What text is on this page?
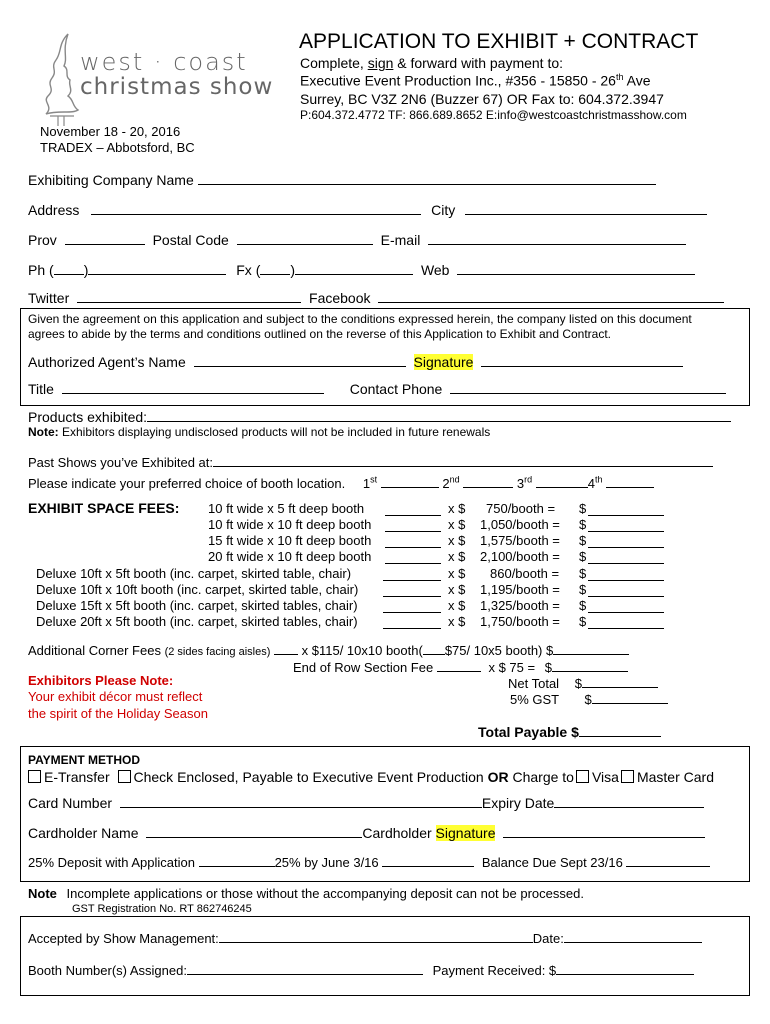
west · coast
christmas show
APPLICATION TO EXHIBIT + CONTRACT
Complete, sign & forward with payment to:
Executive Event Production Inc., #356 - 15850 - 26th Ave
Surrey, BC V3Z 2N6 (Buzzer 67) OR Fax to: 604.372.3947
P:604.372.4772 TF: 866.689.8652 E:info@westcoastchristmasshow.com
November 18 - 20, 2016
TRADEX – Abbotsford, BC
Exhibiting Company Name
Address	City
Prov	Postal Code	E-mail
Ph ( )	Fx ( )	Web
Twitter	Facebook
Given the agreement on this application and subject to the conditions expressed herein, the company listed on this document
agrees to abide by the terms and conditions outlined on the reverse of this Application to Exhibit and Contract.
Authorized Agent’s Name	Signature
Title	Contact Phone
Products exhibited:
Note: Exhibitors displaying undisclosed products will not be included in future renewals
Past Shows you’ve Exhibited at:
Please indicate your preferred choice of booth location. 1st	2nd	3rd	4th
EXHIBIT SPACE FEES: 10 ft wide x 5 ft deep booth	x $ 750/booth = $
10 ft wide x 10 ft deep booth	x $ 1,050/booth = $
15 ft wide x 10 ft deep booth	x $ 1,575/booth = $
20 ft wide x 10 ft deep booth	x $ 2,100/booth = $
Deluxe 10ft x 5ft booth (inc. carpet, skirted table, chair)	x $ 860/booth = $
Deluxe 10ft x 10ft booth (inc. carpet, skirted table, chair)	x $ 1,195/booth = $
Deluxe 15ft x 5ft booth (inc. carpet, skirted tables, chair)	x $ 1,325/booth = $
Deluxe 20ft x 5ft booth (inc. carpet, skirted tables, chair)	x $ 1,750/booth = $
Additional Corner Fees (2 sides facing aisles) x $115/ 10x10 booth( $75/ 10x5 booth) $
End of Row Section Fee	x $ 75 = $
Net Total $
5% GST $
Exhibitors Please Note:
Your exhibit décor must reflect
the spirit of the Holiday Season
Total Payable $
PAYMENT METHOD
E-Transfer Check Enclosed, Payable to Executive Event Production OR Charge to Visa Master Card
Card Number	Expiry Date
Cardholder Name	Cardholder Signature
25% Deposit with Application	25% by June 3/16	Balance Due Sept 23/16
Note Incomplete applications or those without the accompanying deposit can not be processed.
GST Registration No. RT 862746245
Accepted by Show Management:	Date:
Booth Number(s) Assigned:	Payment Received: $
